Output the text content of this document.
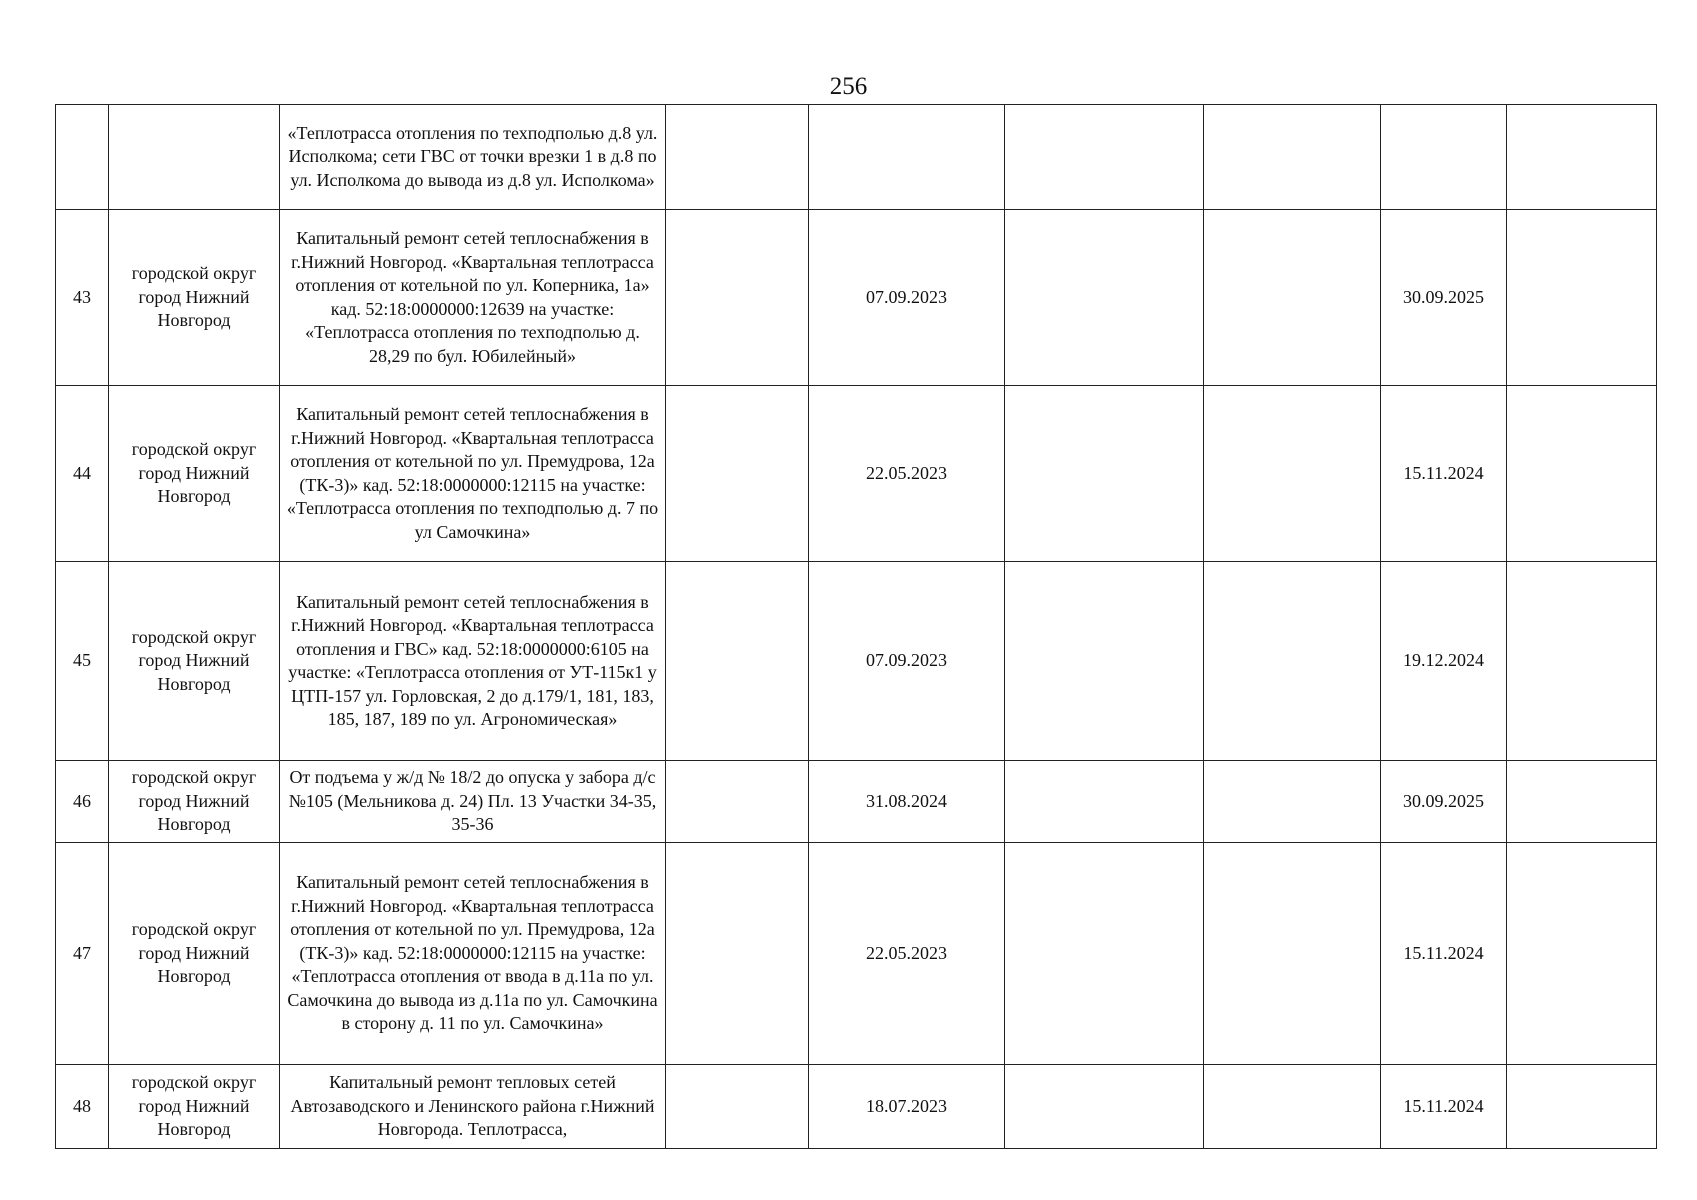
256
		«Теплотрасса отопления по техподполью д.8 ул. Исполкома; сети ГВС от точки врезки 1 в д.8 по ул. Исполкома до вывода из д.8 ул. Исполкома»						
43	городской округ город Нижний Новгород	Капитальный ремонт сетей теплоснабжения в г.Нижний Новгород. «Квартальная теплотрасса отопления от котельной по ул. Коперника, 1а» кад. 52:18:0000000:12639 на участке: «Теплотрасса отопления по техподполью д. 28,29 по бул. Юбилейный»		07.09.2023			30.09.2025	
44	городской округ город Нижний Новгород	Капитальный ремонт сетей теплоснабжения в г.Нижний Новгород. «Квартальная теплотрасса отопления от котельной по ул. Премудрова, 12а (ТК-3)» кад. 52:18:0000000:12115 на участке: «Теплотрасса отопления по техподполью д. 7 по ул Самочкина»		22.05.2023			15.11.2024	
45	городской округ город Нижний Новгород	Капитальный ремонт сетей теплоснабжения в г.Нижний Новгород. «Квартальная теплотрасса отопления и ГВС» кад. 52:18:0000000:6105 на участке: «Теплотрасса отопления от УТ-115к1 у ЦТП-157 ул. Горловская, 2 до д.179/1, 181, 183, 185, 187, 189 по ул. Агрономическая»		07.09.2023			19.12.2024	
46	городской округ город Нижний Новгород	От подъема у ж/д № 18/2 до опуска у забора д/с №105 (Мельникова д. 24) Пл. 13 Участки 34-35, 35-36		31.08.2024			30.09.2025	
47	городской округ город Нижний Новгород	Капитальный ремонт сетей теплоснабжения в г.Нижний Новгород. «Квартальная теплотрасса отопления от котельной по ул. Премудрова, 12а (ТК-3)» кад. 52:18:0000000:12115 на участке: «Теплотрасса отопления от ввода в д.11а по ул. Самочкина до вывода из д.11а по ул. Самочкина в сторону д. 11 по ул. Самочкина»		22.05.2023			15.11.2024	
48	городской округ город Нижний Новгород	Капитальный ремонт тепловых сетей Автозаводского и Ленинского района г.Нижний Новгорода. Теплотрасса,		18.07.2023			15.11.2024	
